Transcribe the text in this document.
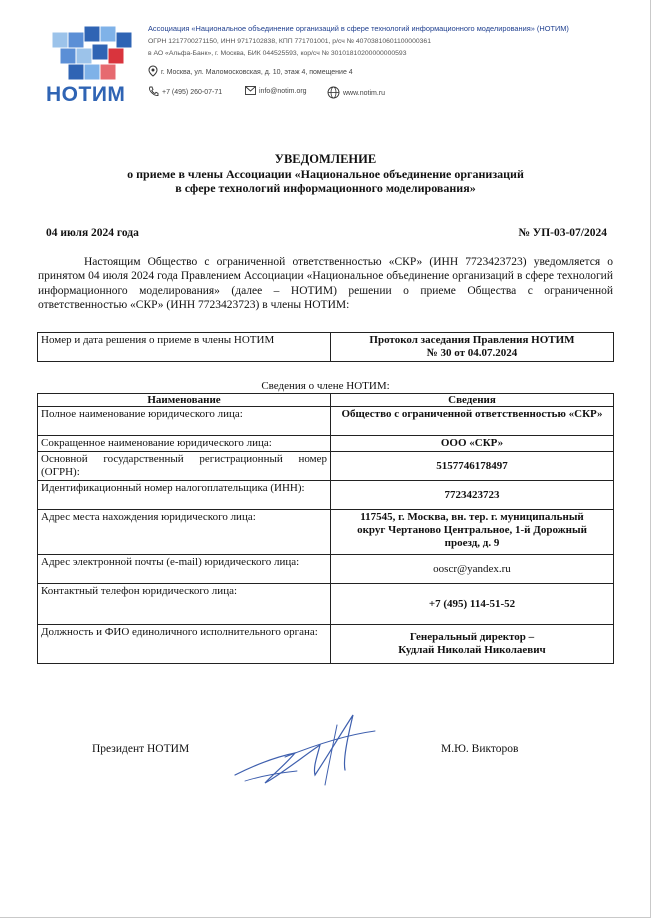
НОТИМ
Ассоциация «Национальное объединение организаций в сфере технологий информационного моделирования» (НОТИМ)
ОГРН 1217700271150, ИНН 9717102838, КПП 771701001, р/сч № 40703810601100000361
в АО «Альфа-Банк», г. Москва, БИК 044525593, кор/сч № 30101810200000000593
г. Москва, ул. Маломосковская, д. 10, этаж 4, помещение 4
+7 (495) 260-07-71	info@notim.org	www.notim.ru
УВЕДОМЛЕНИЕ
о приеме в члены Ассоциации «Национальное объединение организаций
в сфере технологий информационного моделирования»
04 июля 2024 года	№ УП-03-07/2024
Настоящим Общество с ограниченной ответственностью «СКР» (ИНН 7723423723) уведомляется о принятом 04 июля 2024 года Правлением Ассоциации «Национальное объединение организаций в сфере технологий информационного моделирования» (далее – НОТИМ) решении о приеме Общества с ограниченной ответственностью «СКР» (ИНН 7723423723) в члены НОТИМ:
Номер и дата решения о приеме в члены НОТИМ	Протокол заседания Правления НОТИМ
№ 30 от 04.07.2024
Сведения о члене НОТИМ:
Наименование	Сведения
Полное наименование юридического лица:	Общество с ограниченной ответственностью «СКР»
Сокращенное наименование юридического лица:	ООО «СКР»
Основной государственный регистрационный номер (ОГРН):	5157746178497
Идентификационный номер налогоплательщика (ИНН):	7723423723
Адрес места нахождения юридического лица:	117545, г. Москва, вн. тер. г. муниципальный округ Чертаново Центральное, 1-й Дорожный проезд, д. 9
Адрес электронной почты (e-mail) юридического лица:	ooscr@yandex.ru
Контактный телефон юридического лица:	+7 (495) 114-51-52
Должность и ФИО единоличного исполнительного органа:	Генеральный директор –
Кудлай Николай Николаевич
Президент НОТИМ	М.Ю. Викторов
